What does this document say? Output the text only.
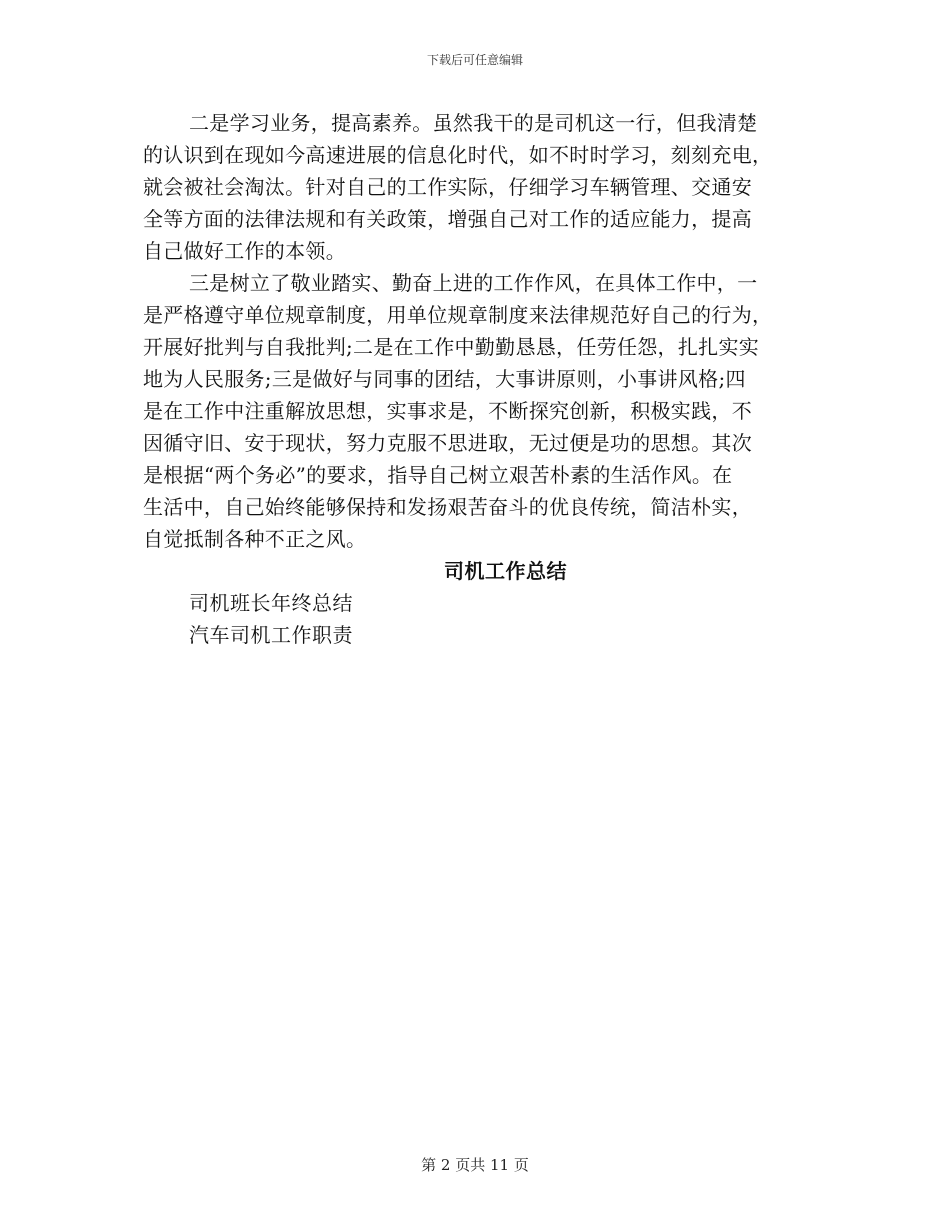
下载后可任意编辑

二是学习业务，提高素养。虽然我干的是司机这一行，但我清楚
的认识到在现如今高速进展的信息化时代，如不时时学习，刻刻充电，
就会被社会淘汰。针对自己的工作实际，仔细学习车辆管理、交通安
全等方面的法律法规和有关政策，增强自己对工作的适应能力，提高
自己做好工作的本领。

三是树立了敬业踏实、勤奋上进的工作作风，在具体工作中，一
是严格遵守单位规章制度，用单位规章制度来法律规范好自己的行为，
开展好批判与自我批判;二是在工作中勤勤恳恳，任劳任怨，扎扎实实
地为人民服务;三是做好与同事的团结，大事讲原则，小事讲风格;四
是在工作中注重解放思想，实事求是，不断探究创新，积极实践，不
因循守旧、安于现状，努力克服不思进取，无过便是功的思想。其次
是根据“两个务必”的要求，指导自己树立艰苦朴素的生活作风。在
生活中，自己始终能够保持和发扬艰苦奋斗的优良传统，简洁朴实，
自觉抵制各种不正之风。

司机工作总结
司机班长年终总结
汽车司机工作职责
第 2 页共 11 页
